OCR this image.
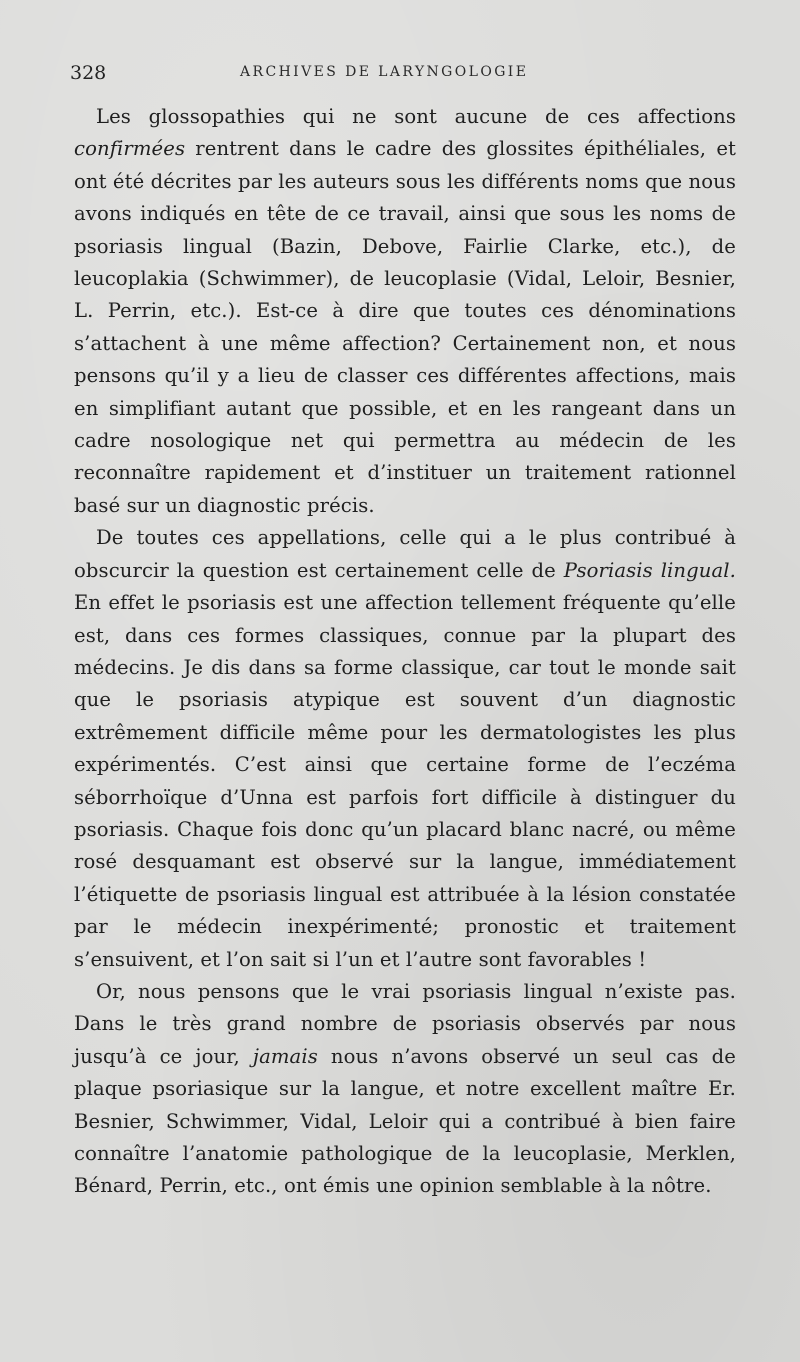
328	ARCHIVES DE LARYNGOLOGIE

Les glossopathies qui ne sont aucune de ces affections confirmées rentrent dans le cadre des glossites épithéliales, et ont été décrites par les auteurs sous les différents noms que nous avons indiqués en tête de ce travail, ainsi que sous les noms de psoriasis lingual (Bazin, Debove, Fairlie Clarke, etc.), de leucoplakia (Schwimmer), de leucoplasie (Vidal, Leloir, Besnier, L. Perrin, etc.). Est-ce à dire que toutes ces dénominations s’attachent à une même affection? Certainement non, et nous pensons qu’il y a lieu de classer ces différentes affections, mais en simplifiant autant que possible, et en les rangeant dans un cadre nosologique net qui permettra au médecin de les reconnaître rapidement et d’instituer un traitement rationnel basé sur un diagnostic précis.

De toutes ces appellations, celle qui a le plus contribué à obscurcir la question est certainement celle de Psoriasis lingual. En effet le psoriasis est une affection tellement fréquente qu’elle est, dans ces formes classiques, connue par la plupart des médecins. Je dis dans sa forme classique, car tout le monde sait que le psoriasis atypique est souvent d’un diagnostic extrêmement difficile même pour les dermatologistes les plus expérimentés. C’est ainsi que certaine forme de l’eczéma séborrhoïque d’Unna est parfois fort difficile à distinguer du psoriasis. Chaque fois donc qu’un placard blanc nacré, ou même rosé desquamant est observé sur la langue, immédiatement l’étiquette de psoriasis lingual est attribuée à la lésion constatée par le médecin inexpérimenté; pronostic et traitement s’ensuivent, et l’on sait si l’un et l’autre sont favorables !

Or, nous pensons que le vrai psoriasis lingual n’existe pas. Dans le très grand nombre de psoriasis observés par nous jusqu’à ce jour, jamais nous n’avons observé un seul cas de plaque psoriasique sur la langue, et notre excellent maître Er. Besnier, Schwimmer, Vidal, Leloir qui a contribué à bien faire connaître l’anatomie pathologique de la leucoplasie, Merklen, Bénard, Perrin, etc., ont émis une opinion semblable à la nôtre.
